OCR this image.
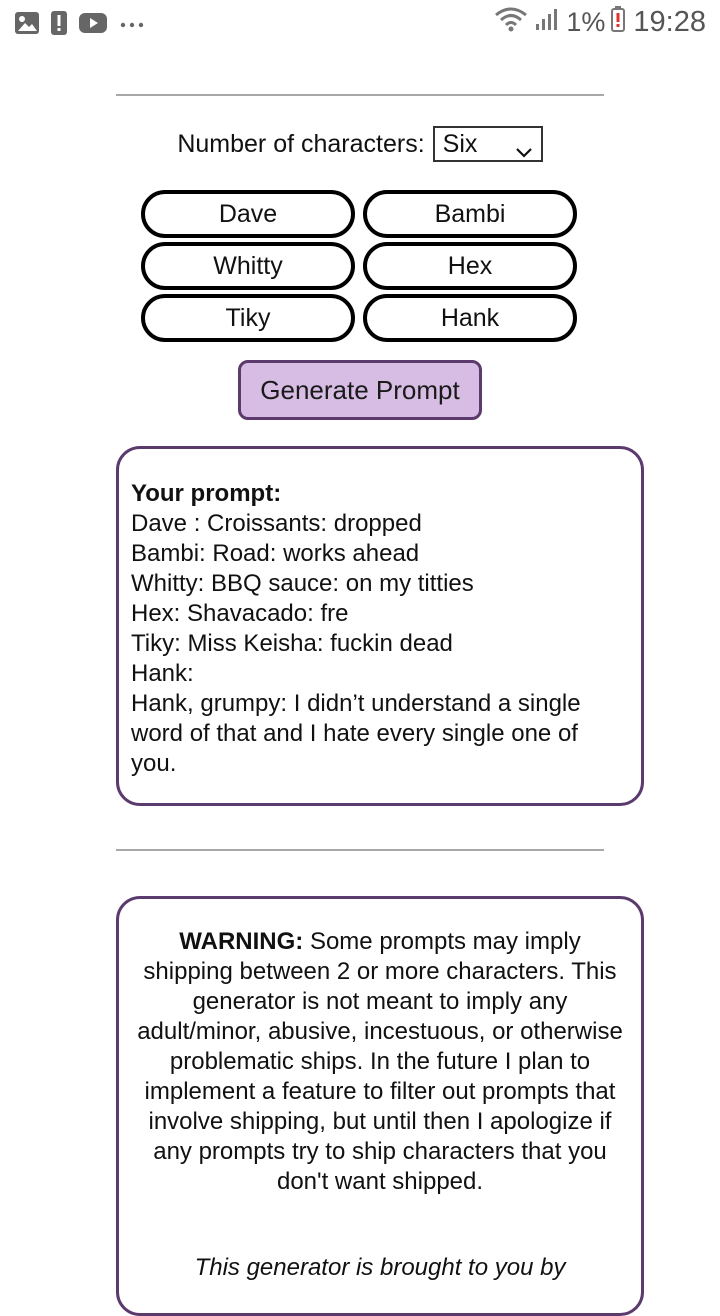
1% 19:28
Number of characters: Six
Dave	Bambi
Whitty	Hex
Tiky	Hank
Generate Prompt
Your prompt:
Dave : Croissants: dropped
Bambi: Road: works ahead
Whitty: BBQ sauce: on my titties
Hex: Shavacado: fre
Tiky: Miss Keisha: fuckin dead
Hank:
Hank, grumpy: I didn’t understand a single word of that and I hate every single one of you.
WARNING: Some prompts may imply shipping between 2 or more characters. This generator is not meant to imply any adult/minor, abusive, incestuous, or otherwise problematic ships. In the future I plan to implement a feature to filter out prompts that involve shipping, but until then I apologize if any prompts try to ship characters that you don't want shipped.
This generator is brought to you by
